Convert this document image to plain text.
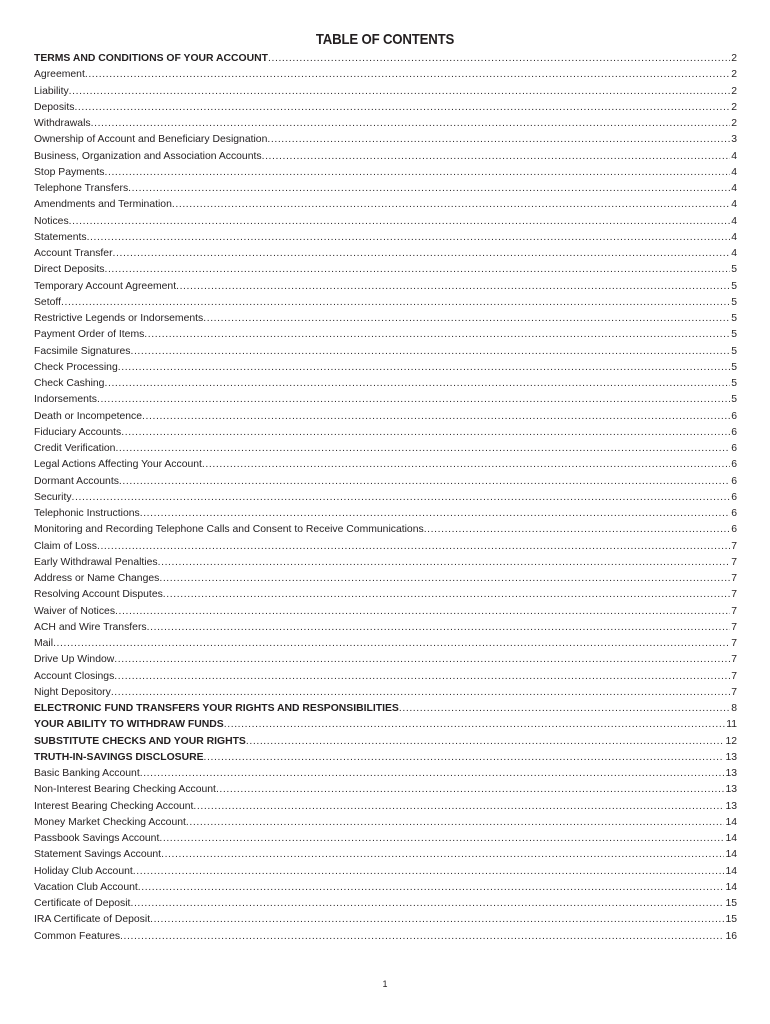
TABLE OF CONTENTS
TERMS AND CONDITIONS OF YOUR ACCOUNT .....	2
Agreement .....	2
Liability .....	2
Deposits .....	2
Withdrawals .....	2
Ownership of Account and Beneficiary Designation .....	3
Business, Organization and Association Accounts .....	4
Stop Payments .....	4
Telephone Transfers .....	4
Amendments and Termination .....	4
Notices .....	4
Statements .....	4
Account Transfer .....	4
Direct Deposits .....	5
Temporary Account Agreement .....	5
Setoff .....	5
Restrictive Legends or Indorsements .....	5
Payment Order of Items .....	5
Facsimile Signatures .....	5
Check Processing .....	5
Check Cashing .....	5
Indorsements .....	5
Death or Incompetence .....	6
Fiduciary Accounts .....	6
Credit Verification .....	6
Legal Actions Affecting Your Account .....	6
Dormant Accounts .....	6
Security .....	6
Telephonic Instructions .....	6
Monitoring and Recording Telephone Calls and Consent to Receive Communications .....	6
Claim of Loss .....	7
Early Withdrawal Penalties .....	7
Address or Name Changes .....	7
Resolving Account Disputes .....	7
Waiver of Notices .....	7
ACH and Wire Transfers .....	7
Mail .....	7
Drive Up Window .....	7
Account Closings .....	7
Night Depository .....	7
ELECTRONIC FUND TRANSFERS YOUR RIGHTS AND RESPONSIBILITIES .....	8
YOUR ABILITY TO WITHDRAW FUNDS .....	11
SUBSTITUTE CHECKS AND YOUR RIGHTS .....	12
TRUTH-IN-SAVINGS DISCLOSURE .....	13
Basic Banking Account .....	13
Non-Interest Bearing Checking Account .....	13
Interest Bearing Checking Account .....	13
Money Market Checking Account .....	14
Passbook Savings Account .....	14
Statement Savings Account .....	14
Holiday Club Account .....	14
Vacation Club Account .....	14
Certificate of Deposit .....	15
IRA Certificate of Deposit .....	15
Common Features .....	16
1
